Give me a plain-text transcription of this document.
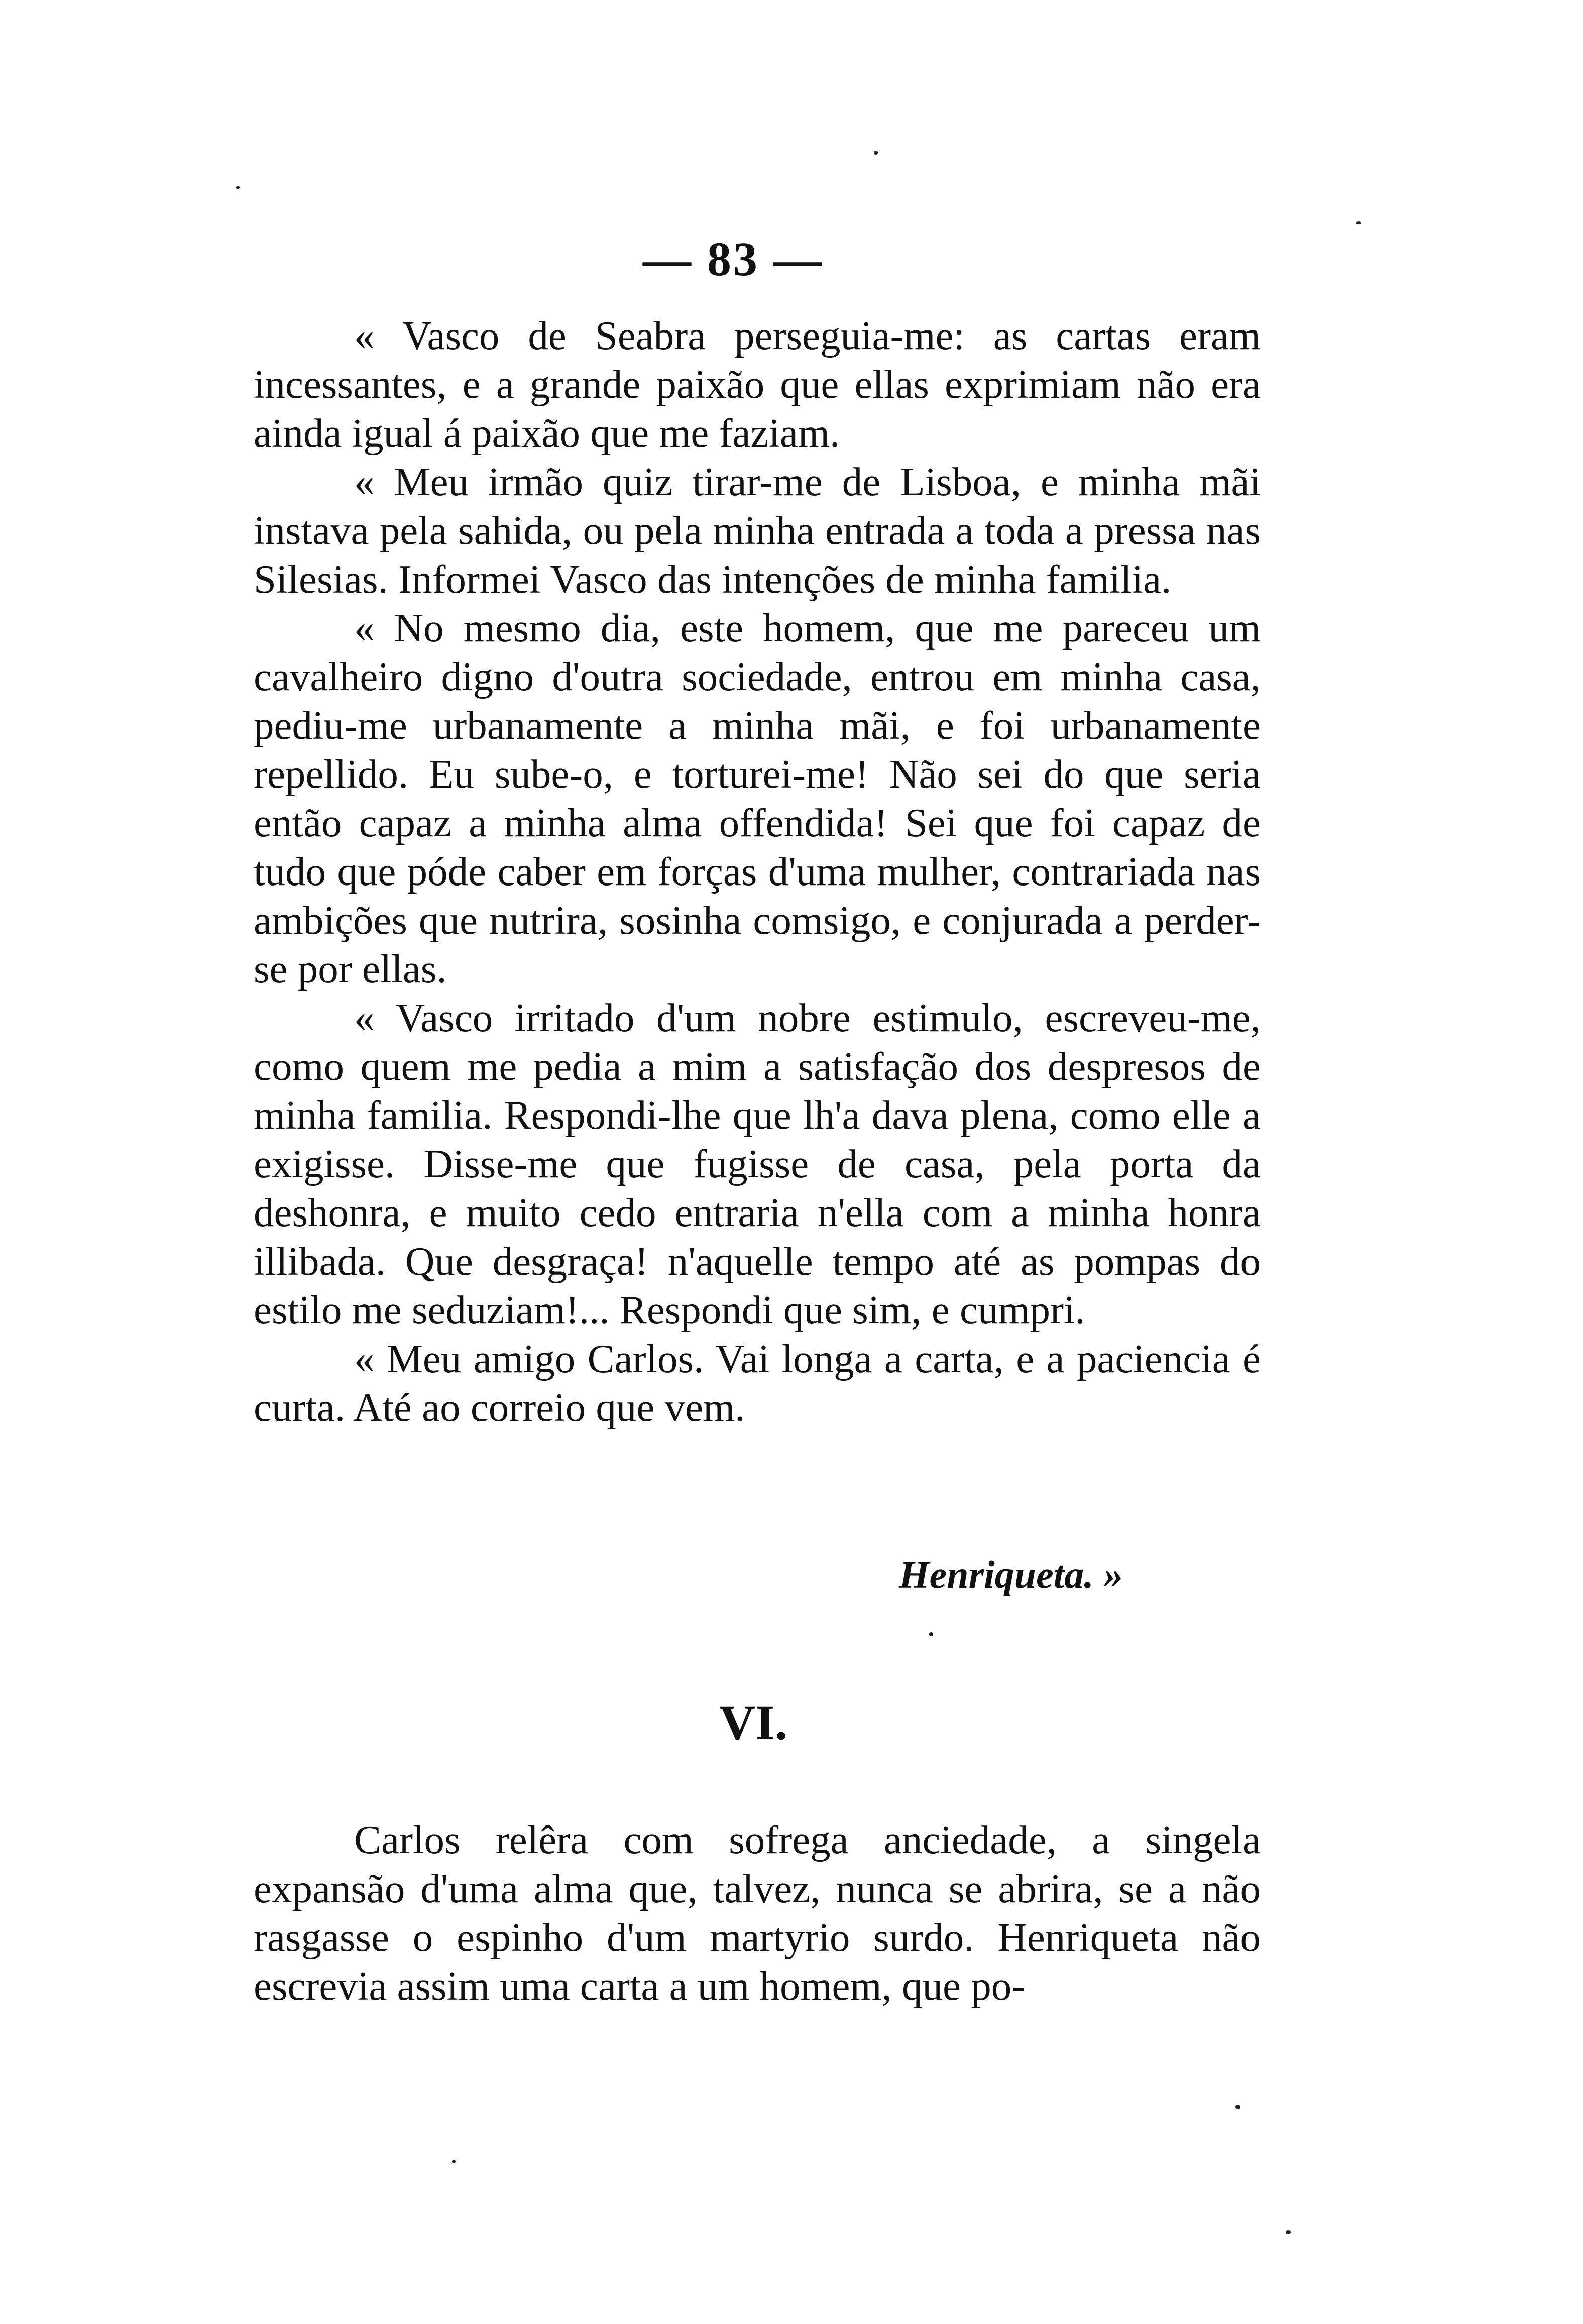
— 83 —

« Vasco de Seabra perseguia-me: as cartas eram incessantes, e a grande paixão que ellas exprimiam não era ainda igual á paixão que me faziam.

« Meu irmão quiz tirar-me de Lisboa, e minha mãi instava pela sahida, ou pela minha entrada a toda a pressa nas Silesias. Informei Vasco das intenções de minha familia.

« No mesmo dia, este homem, que me pareceu um cavalheiro digno d'outra sociedade, entrou em minha casa, pediu-me urbanamente a minha mãi, e foi urbanamente repellido. Eu sube-o, e torturei-me! Não sei do que seria então capaz a minha alma offendida! Sei que foi capaz de tudo que póde caber em forças d'uma mulher, contrariada nas ambições que nutrira, sosinha comsigo, e conjurada a perder-se por ellas.

« Vasco irritado d'um nobre estimulo, escreveu-me, como quem me pedia a mim a satisfação dos despresos de minha familia. Respondi-lhe que lh'a dava plena, como elle a exigisse. Disse-me que fugisse de casa, pela porta da deshonra, e muito cedo entraria n'ella com a minha honra illibada. Que desgraça! n'aquelle tempo até as pompas do estilo me seduziam!... Respondi que sim, e cumpri.

« Meu amigo Carlos. Vai longa a carta, e a paciencia é curta. Até ao correio que vem.

Henriqueta. »
VI.

Carlos relêra com sofrega anciedade, a singela expansão d'uma alma que, talvez, nunca se abrira, se a não rasgasse o espinho d'um martyrio surdo. Henriqueta não escrevia assim uma carta a um homem, que po-
